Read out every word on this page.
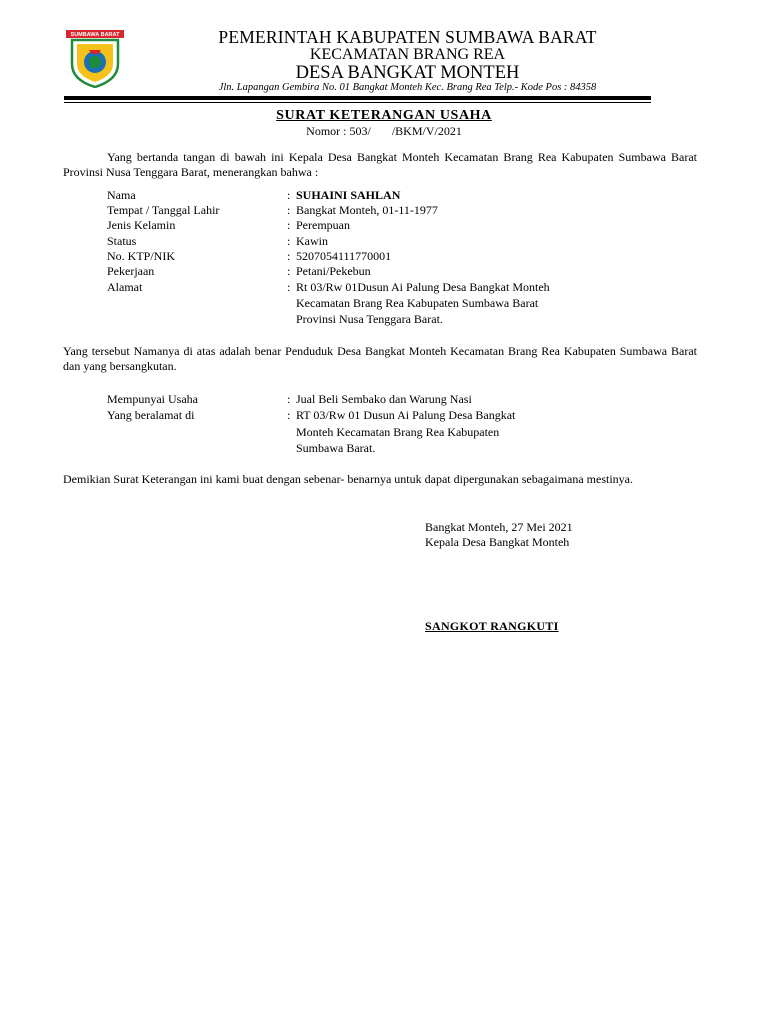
SUMBAWA BARAT	PEMERINTAH KABUPATEN SUMBAWA BARAT
KECAMATAN BRANG REA
DESA BANGKAT MONTEH
Jln. Lapangan Gembira No. 01 Bangkat Monteh Kec. Brang Rea Telp.- Kode Pos : 84358
SURAT KETERANGAN USAHA
Nomor : 503/       /BKM/V/2021
Yang bertanda tangan di bawah ini Kepala Desa Bangkat Monteh Kecamatan Brang Rea Kabupaten Sumbawa Barat Provinsi Nusa Tenggara Barat, menerangkan bahwa :
Nama	: SUHAINI SAHLAN
Tempat / Tanggal Lahir	: Bangkat Monteh, 01-11-1977
Jenis Kelamin	: Perempuan
Status	: Kawin
No. KTP/NIK	: 5207054111770001
Pekerjaan	: Petani/Pekebun
Alamat	: Rt 03/Rw 01Dusun Ai Palung Desa Bangkat Monteh
Kecamatan Brang Rea Kabupaten Sumbawa Barat
Provinsi Nusa Tenggara Barat.
Yang tersebut Namanya di atas adalah benar Penduduk Desa Bangkat Monteh Kecamatan Brang Rea Kabupaten Sumbawa Barat dan yang bersangkutan.
Mempunyai Usaha	: Jual Beli Sembako dan Warung Nasi
Yang beralamat di	: RT 03/Rw 01 Dusun Ai Palung Desa Bangkat
Monteh Kecamatan Brang Rea Kabupaten
Sumbawa Barat.
Demikian Surat Keterangan ini kami buat dengan sebenar- benarnya untuk dapat dipergunakan sebagaimana mestinya.
Bangkat Monteh, 27 Mei 2021
Kepala Desa Bangkat Monteh
SANGKOT RANGKUTI
